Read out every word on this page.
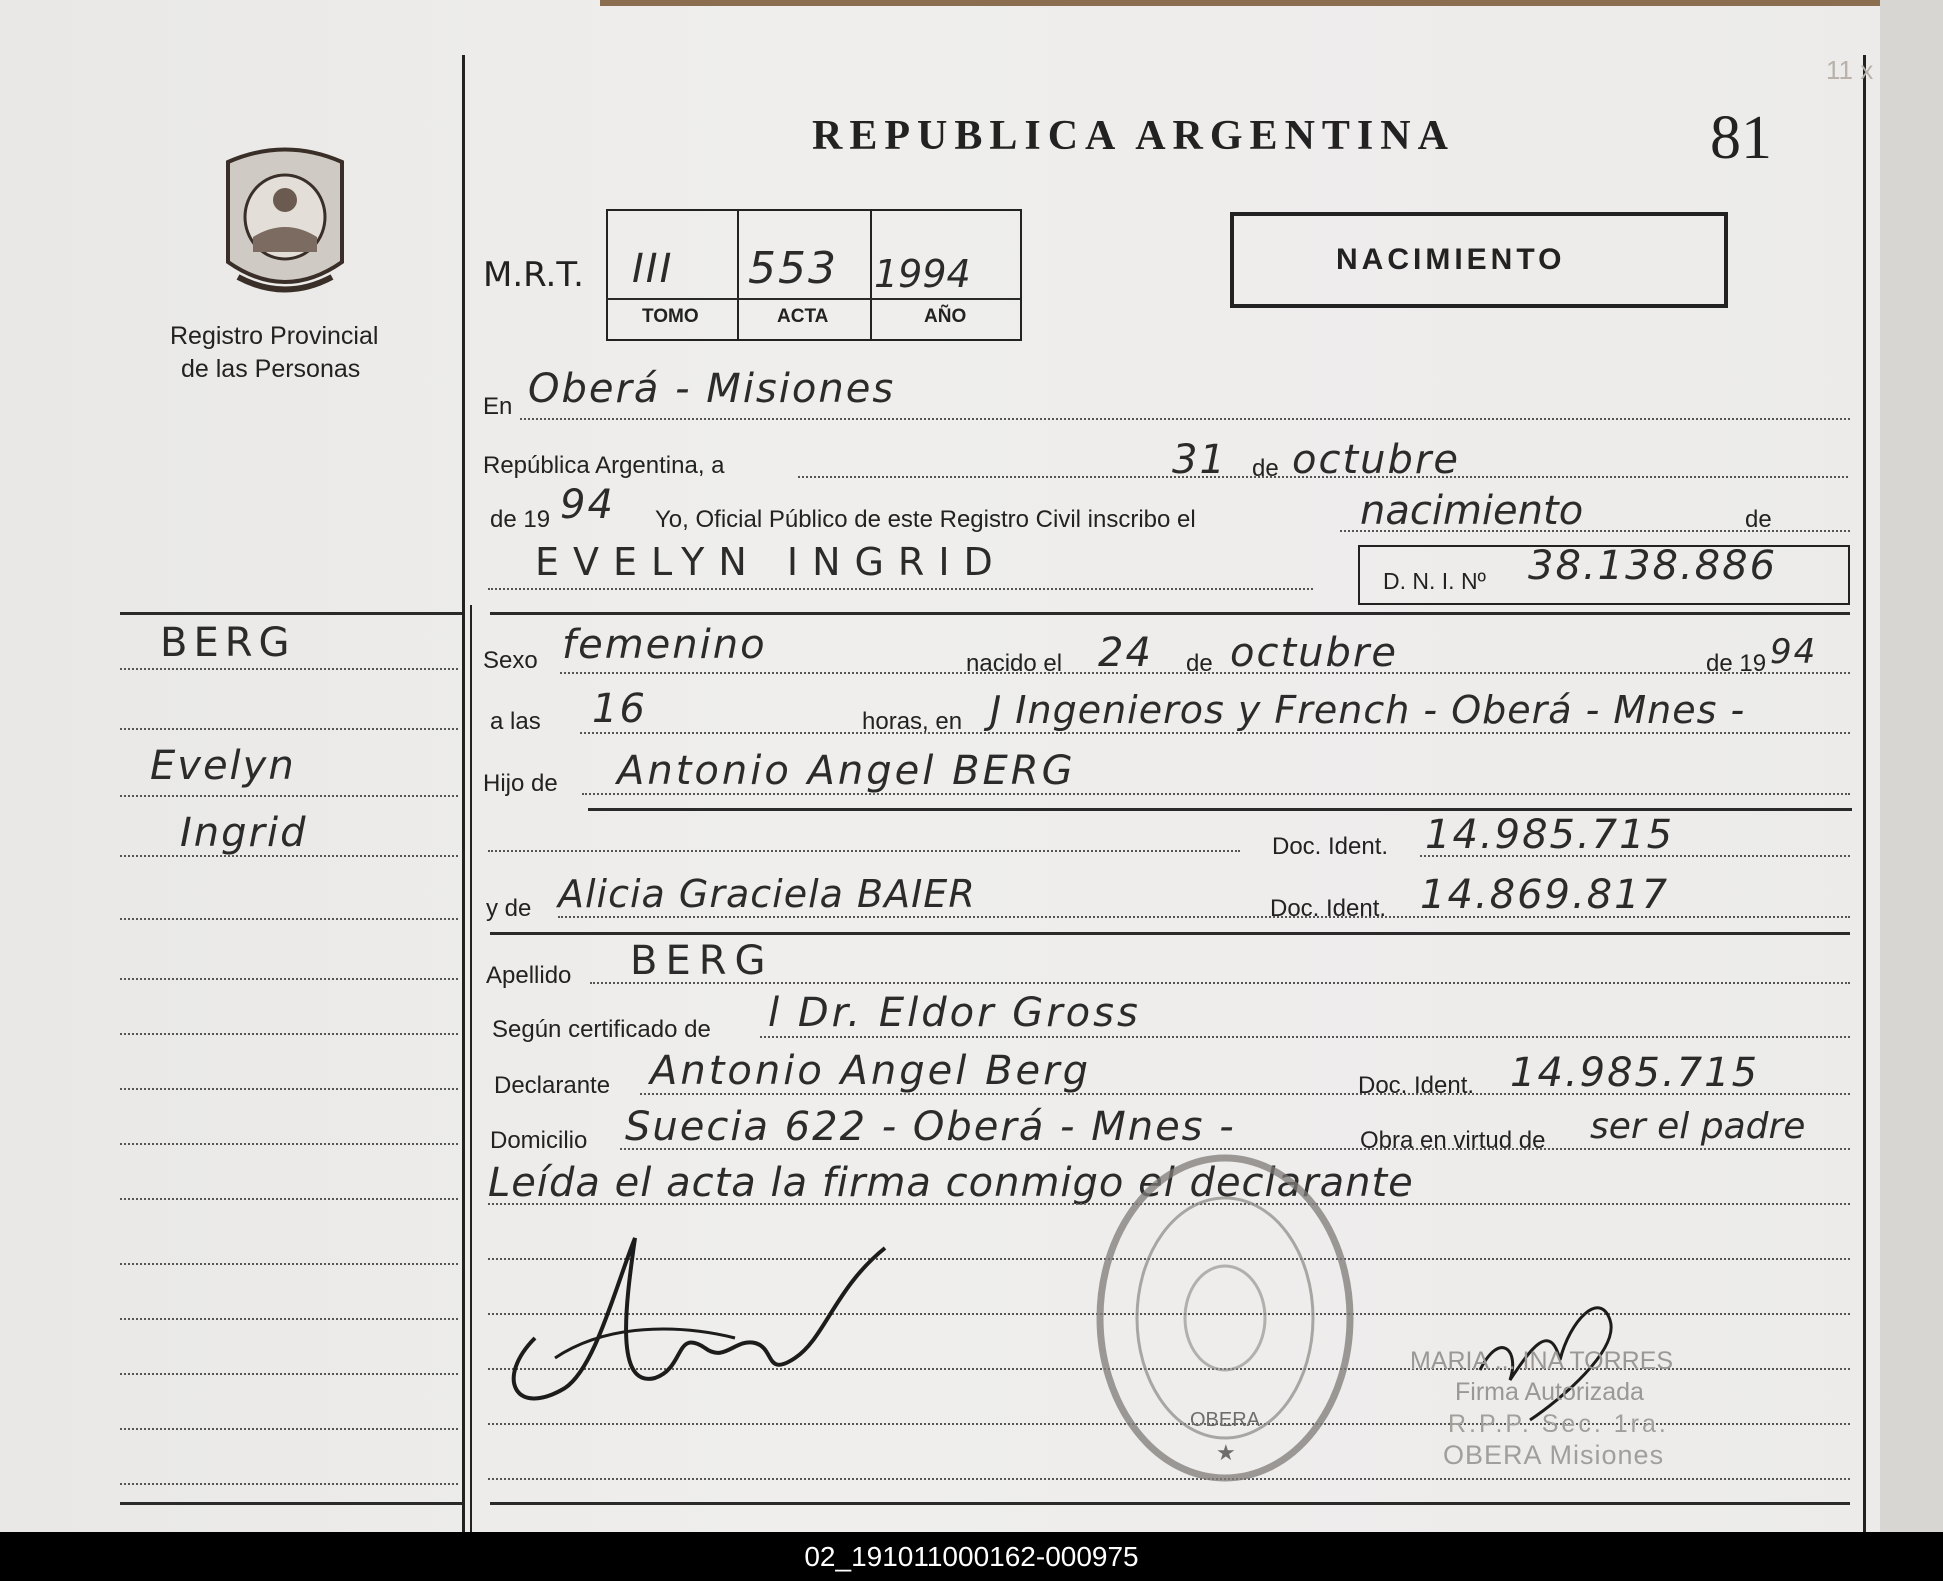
Registro Provincial
de las Personas
REPUBLICA ARGENTINA	81
11 x
M.R.T. III 553 1994
TOMO	ACTA	AÑO
NACIMIENTO
En Oberá - Misiones
República Argentina, a	31 de octubre
de 19 94 Yo, Oficial Público de este Registro Civil inscribo el	nacimiento	de
EVELYN INGRID	D. N. I. Nº 38.138.886
BERG
Evelyn
Ingrid
Sexo femenino	nacido el 24 de octubre	de 19 94
a las 16	horas, en J Ingenieros y French - Oberá - Mnes -
Hijo de Antonio Angel BERG
Doc. Ident. 14.985.715
y de Alicia Graciela BAIER	Doc. Ident. 14.869.817
Apellido BERG
Según certificado de l Dr. Eldor Gross
Declarante Antonio Angel Berg	Doc. Ident. 14.985.715
Domicilio Suecia 622 - Oberá - Mnes -	Obra en virtud de ser el padre
Leída el acta la firma conmigo el declarante
OBERA
★
MARIA ... INA TORRES
Firma Autorizada
R.P.P. Sec. 1ra.
OBERA Misiones
02_191011000162-000975
